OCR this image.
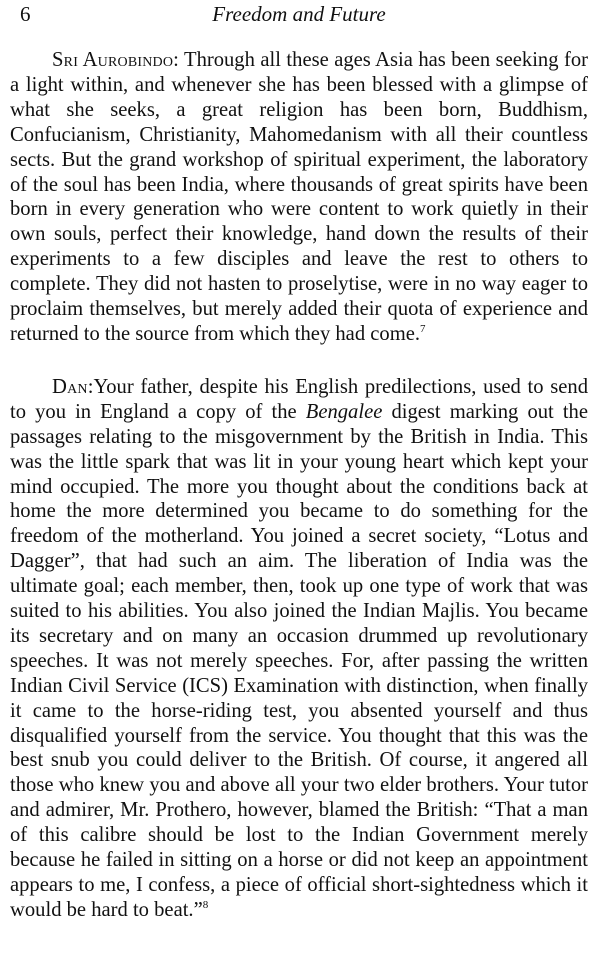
6	Freedom and Future

Sri Aurobindo: Through all these ages Asia has been seeking for a light within, and whenever she has been blessed with a glimpse of what she seeks, a great religion has been born, Buddhism, Confucianism, Christianity, Mahomedanism with all their countless sects. But the grand workshop of spiritual experiment, the laboratory of the soul has been India, where thousands of great spirits have been born in every generation who were content to work quietly in their own souls, perfect their knowledge, hand down the results of their experiments to a few disciples and leave the rest to others to complete. They did not hasten to proselytise, were in no way eager to proclaim themselves, but merely added their quota of experience and returned to the source from which they had come.$^7$

Dan:Your father, despite his English predilections, used to send to you in England a copy of the Bengalee digest marking out the passages relating to the misgovernment by the British in India. This was the little spark that was lit in your young heart which kept your mind occupied. The more you thought about the conditions back at home the more determined you became to do something for the freedom of the motherland. You joined a secret society, “Lotus and Dagger”, that had such an aim. The liberation of India was the ultimate goal; each member, then, took up one type of work that was suited to his abilities. You also joined the Indian Majlis. You became its secretary and on many an occasion drummed up revolutionary speeches. It was not merely speeches. For, after passing the written Indian Civil Service (ICS) Examination with distinction, when finally it came to the horse-riding test, you absented yourself and thus disqualified yourself from the service. You thought that this was the best snub you could deliver to the British. Of course, it angered all those who knew you and above all your two elder brothers. Your tutor and admirer, Mr. Prothero, however, blamed the British: “That a man of this calibre should be lost to the Indian Government merely because he failed in sitting on a horse or did not keep an appointment appears to me, I confess, a piece of official short-sightedness which it would be hard to beat.”$^8$
